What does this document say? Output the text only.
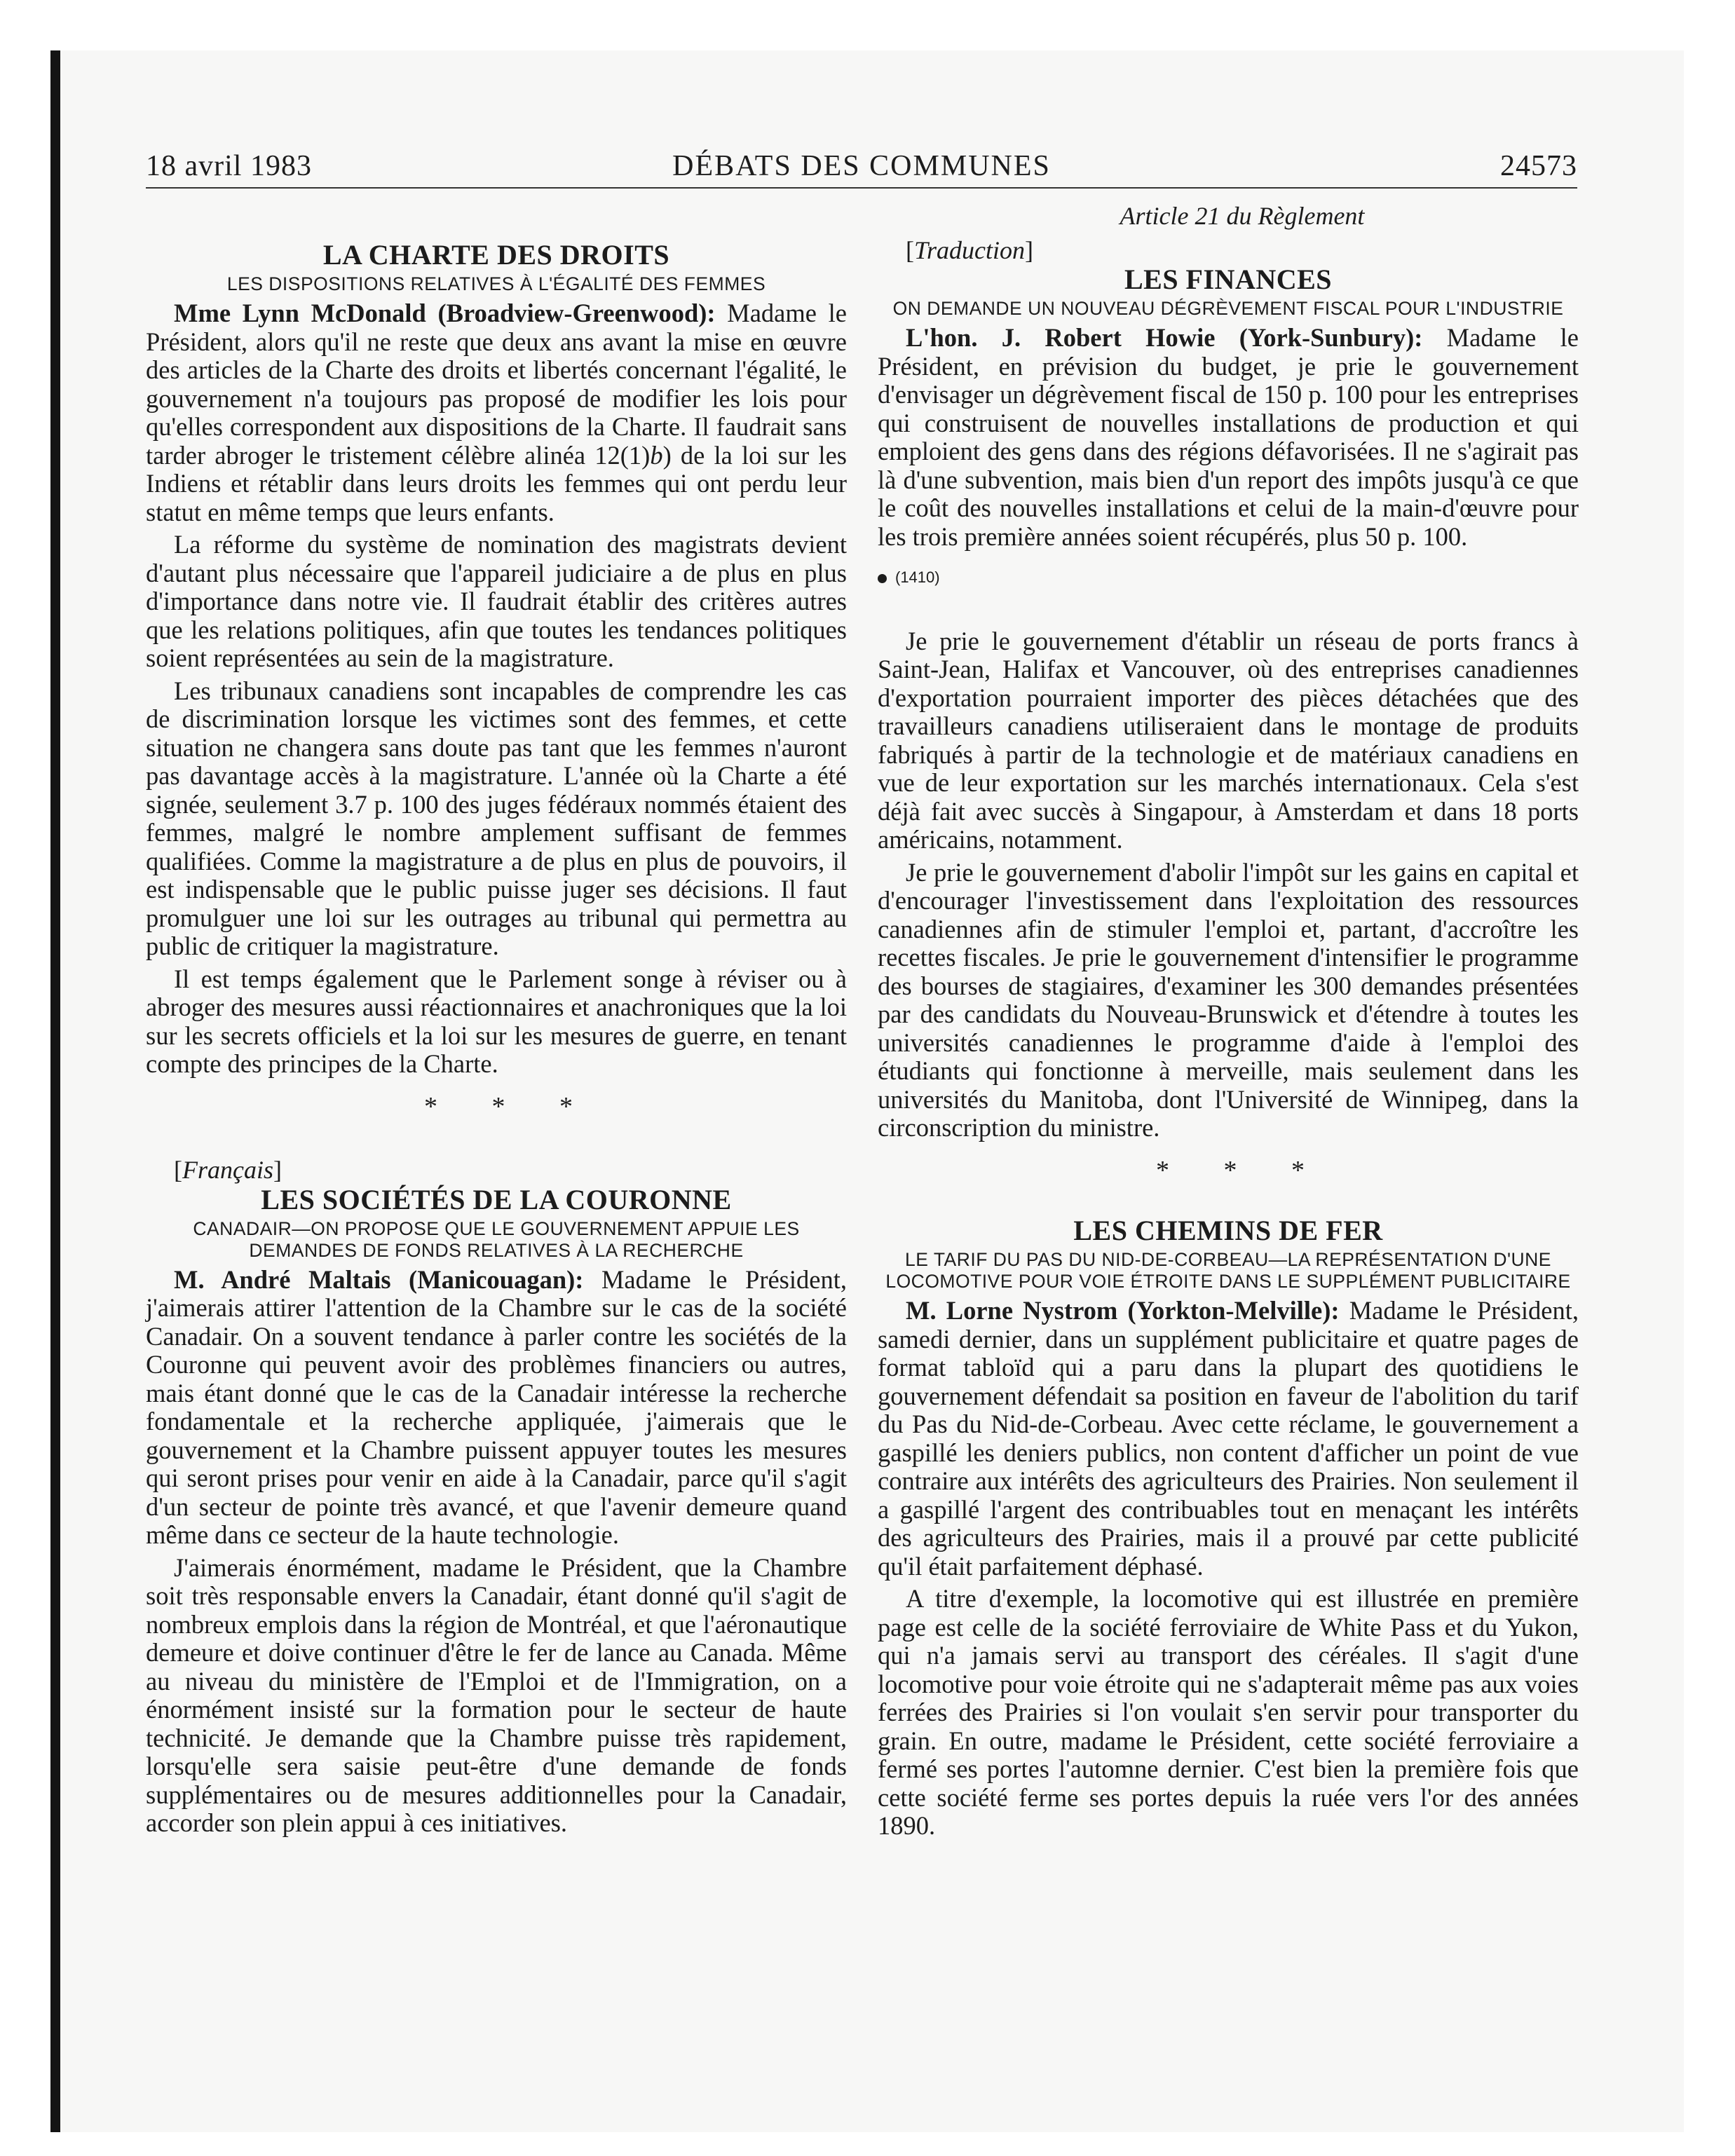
18 avril 1983	DÉBATS DES COMMUNES	24573
LA CHARTE DES DROITS
LES DISPOSITIONS RELATIVES À L'ÉGALITÉ DES FEMMES

Mme Lynn McDonald (Broadview-Greenwood): Madame le Président, alors qu'il ne reste que deux ans avant la mise en œuvre des articles de la Charte des droits et libertés concernant l'égalité, le gouvernement n'a toujours pas proposé de modifier les lois pour qu'elles correspondent aux dispositions de la Charte. Il faudrait sans tarder abroger le tristement célèbre alinéa 12(1)b) de la loi sur les Indiens et rétablir dans leurs droits les femmes qui ont perdu leur statut en même temps que leurs enfants.

La réforme du système de nomination des magistrats devient d'autant plus nécessaire que l'appareil judiciaire a de plus en plus d'importance dans notre vie. Il faudrait établir des critères autres que les relations politiques, afin que toutes les tendances politiques soient représentées au sein de la magistrature.

Les tribunaux canadiens sont incapables de comprendre les cas de discrimination lorsque les victimes sont des femmes, et cette situation ne changera sans doute pas tant que les femmes n'auront pas davantage accès à la magistrature. L'année où la Charte a été signée, seulement 3.7 p. 100 des juges fédéraux nommés étaient des femmes, malgré le nombre amplement suffisant de femmes qualifiées. Comme la magistrature a de plus en plus de pouvoirs, il est indispensable que le public puisse juger ses décisions. Il faut promulguer une loi sur les outrages au tribunal qui permettra au public de critiquer la magistrature.

Il est temps également que le Parlement songe à réviser ou à abroger des mesures aussi réactionnaires et anachroniques que la loi sur les secrets officiels et la loi sur les mesures de guerre, en tenant compte des principes de la Charte.

* * *

[Français]

LES SOCIÉTÉS DE LA COURONNE
CANADAIR—ON PROPOSE QUE LE GOUVERNEMENT APPUIE LES DEMANDES DE FONDS RELATIVES À LA RECHERCHE

M. André Maltais (Manicouagan): Madame le Président, j'aimerais attirer l'attention de la Chambre sur le cas de la société Canadair. On a souvent tendance à parler contre les sociétés de la Couronne qui peuvent avoir des problèmes financiers ou autres, mais étant donné que le cas de la Canadair intéresse la recherche fondamentale et la recherche appliquée, j'aimerais que le gouvernement et la Chambre puissent appuyer toutes les mesures qui seront prises pour venir en aide à la Canadair, parce qu'il s'agit d'un secteur de pointe très avancé, et que l'avenir demeure quand même dans ce secteur de la haute technologie.

J'aimerais énormément, madame le Président, que la Chambre soit très responsable envers la Canadair, étant donné qu'il s'agit de nombreux emplois dans la région de Montréal, et que l'aéronautique demeure et doive continuer d'être le fer de lance au Canada. Même au niveau du ministère de l'Emploi et de l'Immigration, on a énormément insisté sur la formation pour le secteur de haute technicité. Je demande que la Chambre puisse très rapidement, lorsqu'elle sera saisie peut-être d'une demande de fonds supplémentaires ou de mesures additionnelles pour la Canadair, accorder son plein appui à ces initiatives.

Article 21 du Règlement

[Traduction]

LES FINANCES
ON DEMANDE UN NOUVEAU DÉGRÈVEMENT FISCAL POUR L'INDUSTRIE

L'hon. J. Robert Howie (York-Sunbury): Madame le Président, en prévision du budget, je prie le gouvernement d'envisager un dégrèvement fiscal de 150 p. 100 pour les entreprises qui construisent de nouvelles installations de production et qui emploient des gens dans des régions défavorisées. Il ne s'agirait pas là d'une subvention, mais bien d'un report des impôts jusqu'à ce que le coût des nouvelles installations et celui de la main-d'œuvre pour les trois première années soient récupérés, plus 50 p. 100.

(1410)

Je prie le gouvernement d'établir un réseau de ports francs à Saint-Jean, Halifax et Vancouver, où des entreprises canadiennes d'exportation pourraient importer des pièces détachées que des travailleurs canadiens utiliseraient dans le montage de produits fabriqués à partir de la technologie et de matériaux canadiens en vue de leur exportation sur les marchés internationaux. Cela s'est déjà fait avec succès à Singapour, à Amsterdam et dans 18 ports américains, notamment.

Je prie le gouvernement d'abolir l'impôt sur les gains en capital et d'encourager l'investissement dans l'exploitation des ressources canadiennes afin de stimuler l'emploi et, partant, d'accroître les recettes fiscales. Je prie le gouvernement d'intensifier le programme des bourses de stagiaires, d'examiner les 300 demandes présentées par des candidats du Nouveau-Brunswick et d'étendre à toutes les universités canadiennes le programme d'aide à l'emploi des étudiants qui fonctionne à merveille, mais seulement dans les universités du Manitoba, dont l'Université de Winnipeg, dans la circonscription du ministre.

* * *

LES CHEMINS DE FER
LE TARIF DU PAS DU NID-DE-CORBEAU—LA REPRÉSENTATION D'UNE LOCOMOTIVE POUR VOIE ÉTROITE DANS LE SUPPLÉMENT PUBLICITAIRE

M. Lorne Nystrom (Yorkton-Melville): Madame le Président, samedi dernier, dans un supplément publicitaire et quatre pages de format tabloïd qui a paru dans la plupart des quotidiens le gouvernement défendait sa position en faveur de l'abolition du tarif du Pas du Nid-de-Corbeau. Avec cette réclame, le gouvernement a gaspillé les deniers publics, non content d'afficher un point de vue contraire aux intérêts des agriculteurs des Prairies. Non seulement il a gaspillé l'argent des contribuables tout en menaçant les intérêts des agriculteurs des Prairies, mais il a prouvé par cette publicité qu'il était parfaitement déphasé.

A titre d'exemple, la locomotive qui est illustrée en première page est celle de la société ferroviaire de White Pass et du Yukon, qui n'a jamais servi au transport des céréales. Il s'agit d'une locomotive pour voie étroite qui ne s'adapterait même pas aux voies ferrées des Prairies si l'on voulait s'en servir pour transporter du grain. En outre, madame le Président, cette société ferroviaire a fermé ses portes l'automne dernier. C'est bien la première fois que cette société ferme ses portes depuis la ruée vers l'or des années 1890.
